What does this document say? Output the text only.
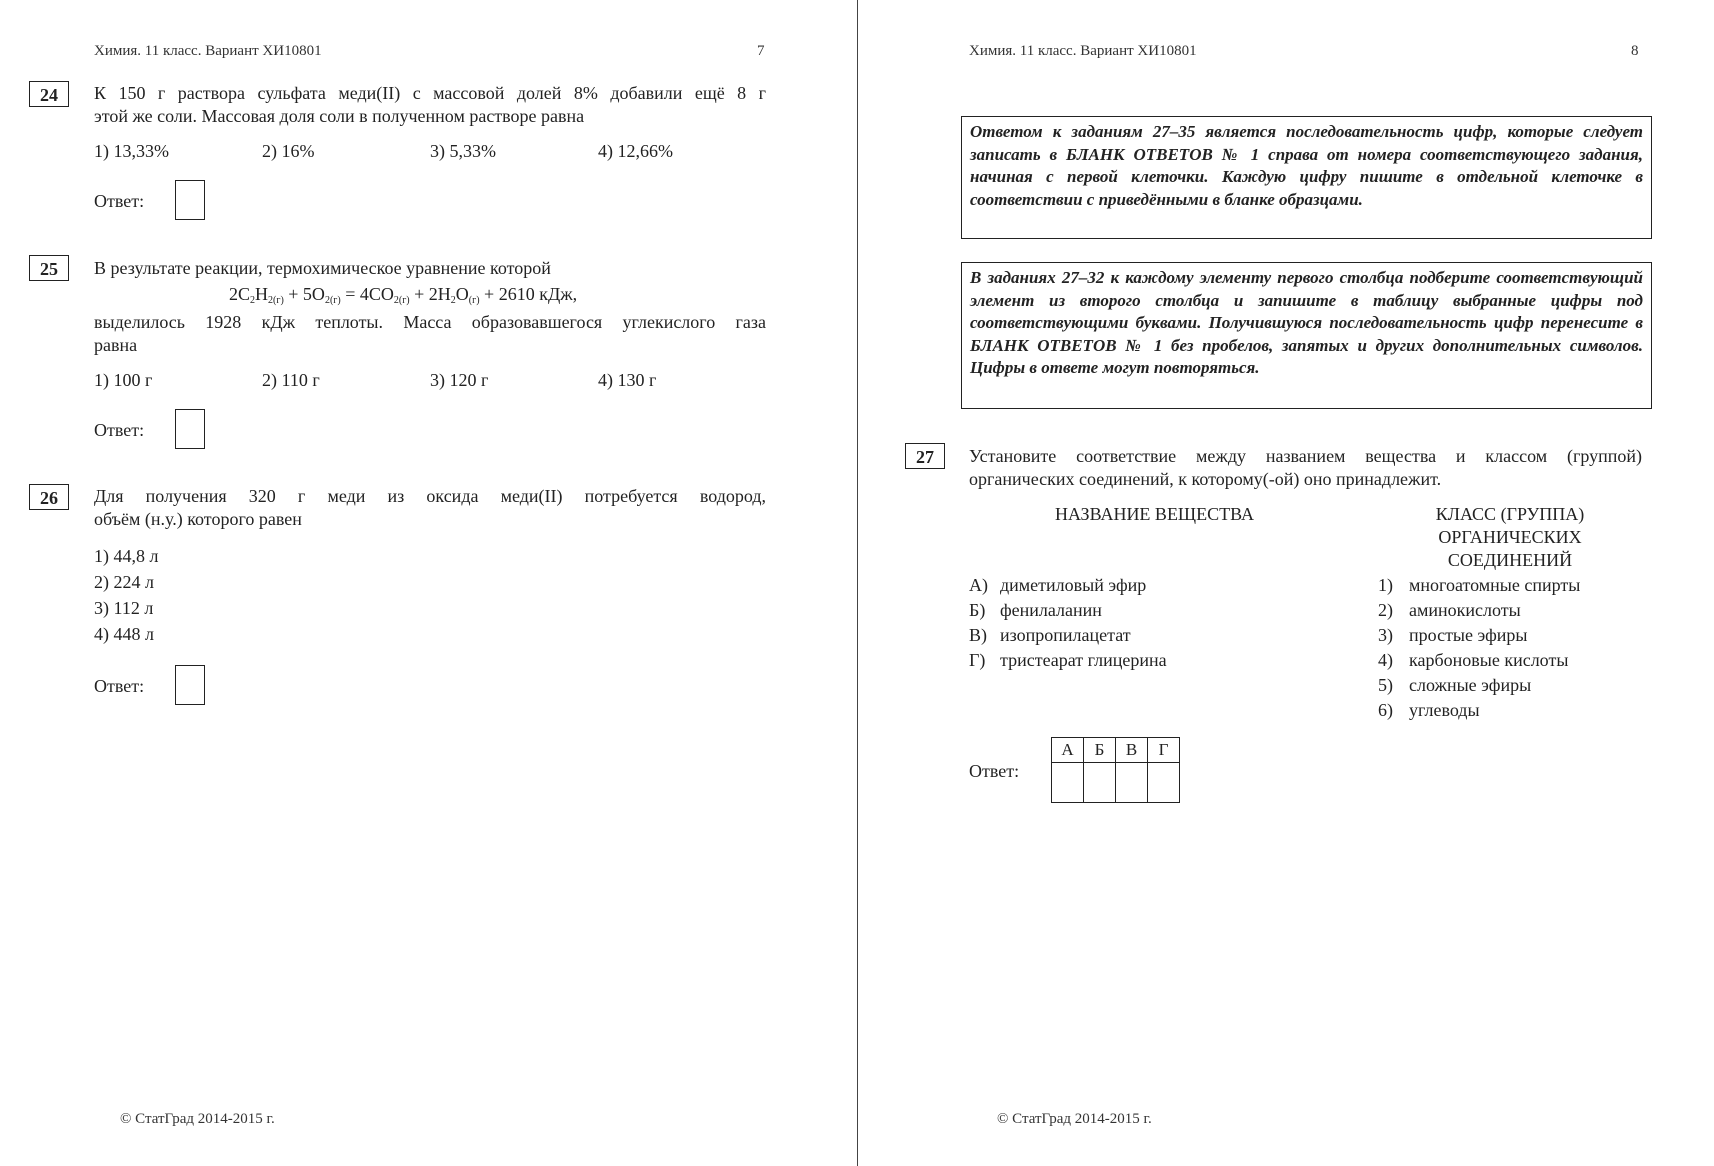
Химия. 11 класс. Вариант ХИ10801	7
24	К 150 г раствора сульфата меди(II) с массовой долей 8% добавили ещё 8 г
этой же соли. Массовая доля соли в полученном растворе равна
1) 13,33%	2) 16%	3) 5,33%	4) 12,66%
Ответ:
25	В результате реакции, термохимическое уравнение которой
$2C_2H_{2(г)} + 5O_{2(г)} = 4CO_{2(г)} + 2H_2O_{(г)} + 2610$ кДж,
выделилось 1928 кДж теплоты. Масса образовавшегося углекислого газа
равна
1) 100 г	2) 110 г	3) 120 г	4) 130 г
Ответ:
26	Для получения 320 г меди из оксида меди(II) потребуется водород,
объём (н.у.) которого равен
1) 44,8 л
2) 224 л
3) 112 л
4) 448 л
Ответ:
© СтатГрад 2014-2015 г.
Химия. 11 класс. Вариант ХИ10801	8
Ответом к заданиям 27–35 является последовательность цифр, которые следует записать в БЛАНК ОТВЕТОВ № 1 справа от номера соответствующего задания, начиная с первой клеточки. Каждую цифру пишите в отдельной клеточке в соответствии с приведёнными в бланке образцами.
В заданиях 27–32 к каждому элементу первого столбца подберите соответствующий элемент из второго столбца и запишите в таблицу выбранные цифры под соответствующими буквами. Получившуюся последовательность цифр перенесите в БЛАНК ОТВЕТОВ № 1 без пробелов, запятых и других дополнительных символов. Цифры в ответе могут повторяться.
27	Установите соответствие между названием вещества и классом (группой)
органических соединений, к которому(-ой) оно принадлежит.
НАЗВАНИЕ ВЕЩЕСТВА	КЛАСС (ГРУППА)
ОРГАНИЧЕСКИХ
СОЕДИНЕНИЙ
А) диметиловый эфир
Б) фенилаланин
В) изопропилацетат
Г) тристеарат глицерина
1) многоатомные спирты
2) аминокислоты
3) простые эфиры
4) карбоновые кислоты
5) сложные эфиры
6) углеводы
Ответ:
А	Б	В	Г

© СтатГрад 2014-2015 г.
